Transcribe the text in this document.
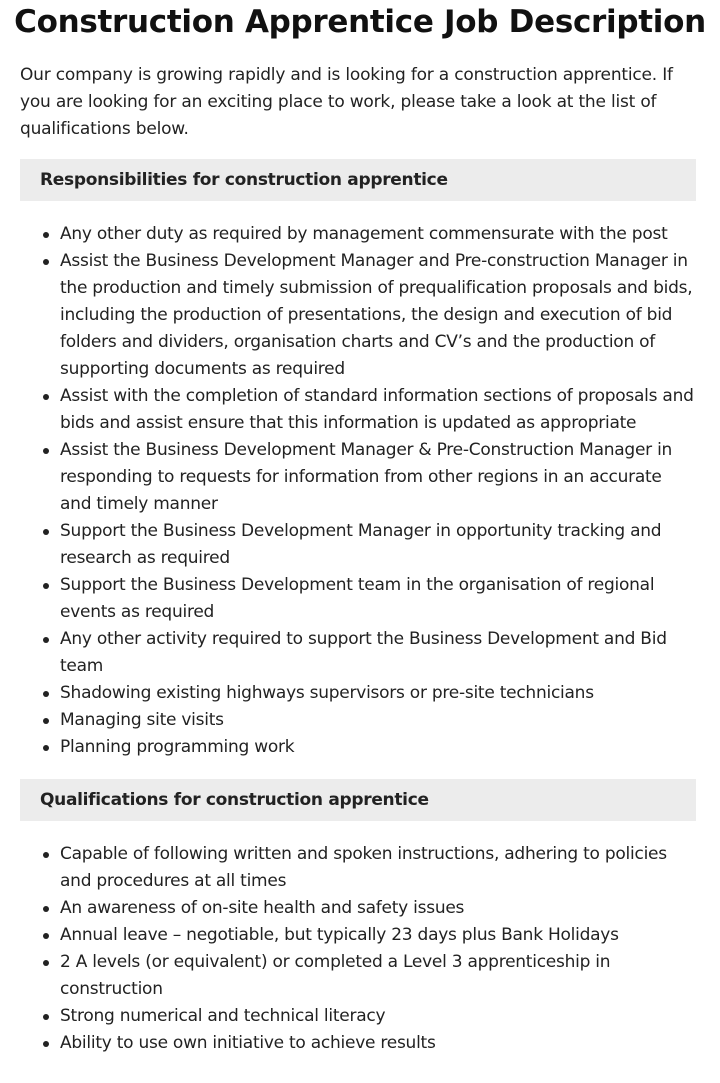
Construction Apprentice Job Description

Our company is growing rapidly and is looking for a construction apprentice. If you are looking for an exciting place to work, please take a look at the list of qualifications below.

Responsibilities for construction apprentice
Any other duty as required by management commensurate with the post
Assist the Business Development Manager and Pre-construction Manager in the production and timely submission of prequalification proposals and bids, including the production of presentations, the design and execution of bid folders and dividers, organisation charts and CV’s and the production of supporting documents as required
Assist with the completion of standard information sections of proposals and bids and assist ensure that this information is updated as appropriate
Assist the Business Development Manager & Pre-Construction Manager in responding to requests for information from other regions in an accurate and timely manner
Support the Business Development Manager in opportunity tracking and research as required
Support the Business Development team in the organisation of regional events as required
Any other activity required to support the Business Development and Bid team
Shadowing existing highways supervisors or pre-site technicians
Managing site visits
Planning programming work
Qualifications for construction apprentice
Capable of following written and spoken instructions, adhering to policies and procedures at all times
An awareness of on-site health and safety issues
Annual leave – negotiable, but typically 23 days plus Bank Holidays
2 A levels (or equivalent) or completed a Level 3 apprenticeship in construction
Strong numerical and technical literacy
Ability to use own initiative to achieve results
